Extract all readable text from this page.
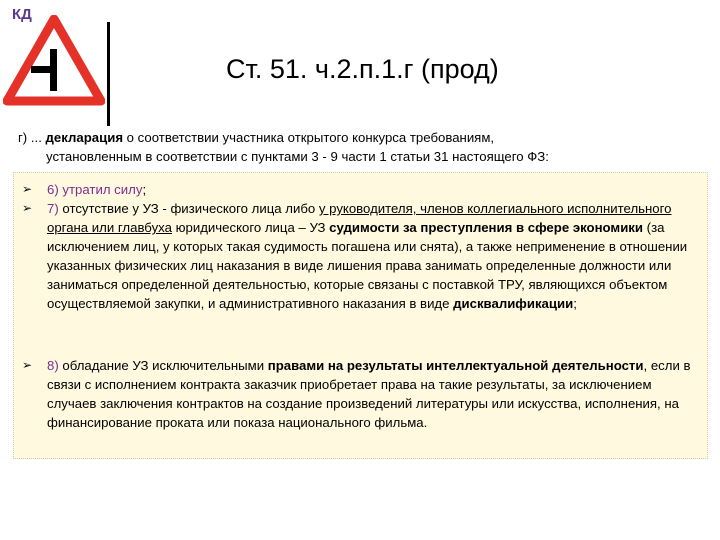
КД
Ст. 51. ч.2.п.1.г (прод)
г) ... декларация о соответствии участника открытого конкурса требованиям,
установленным в соответствии с пунктами 3 - 9 части 1 статьи 31 настоящего ФЗ:
➢ 6) утратил силу;
➢ 7) отсутствие у УЗ - физического лица либо у руководителя, членов коллегиального исполнительного органа или главбуха юридического лица – УЗ судимости за преступления в сфере экономики (за исключением лиц, у которых такая судимость погашена или снята), а также неприменение в отношении указанных физических лиц наказания в виде лишения права занимать определенные должности или заниматься определенной деятельностью, которые связаны с поставкой ТРУ, являющихся объектом осуществляемой закупки, и административного наказания в виде дисквалификации;
➢ 8) обладание УЗ исключительными правами на результаты интеллектуальной деятельности, если в связи с исполнением контракта заказчик приобретает права на такие результаты, за исключением случаев заключения контрактов на создание произведений литературы или искусства, исполнения, на финансирование проката или показа национального фильма.
